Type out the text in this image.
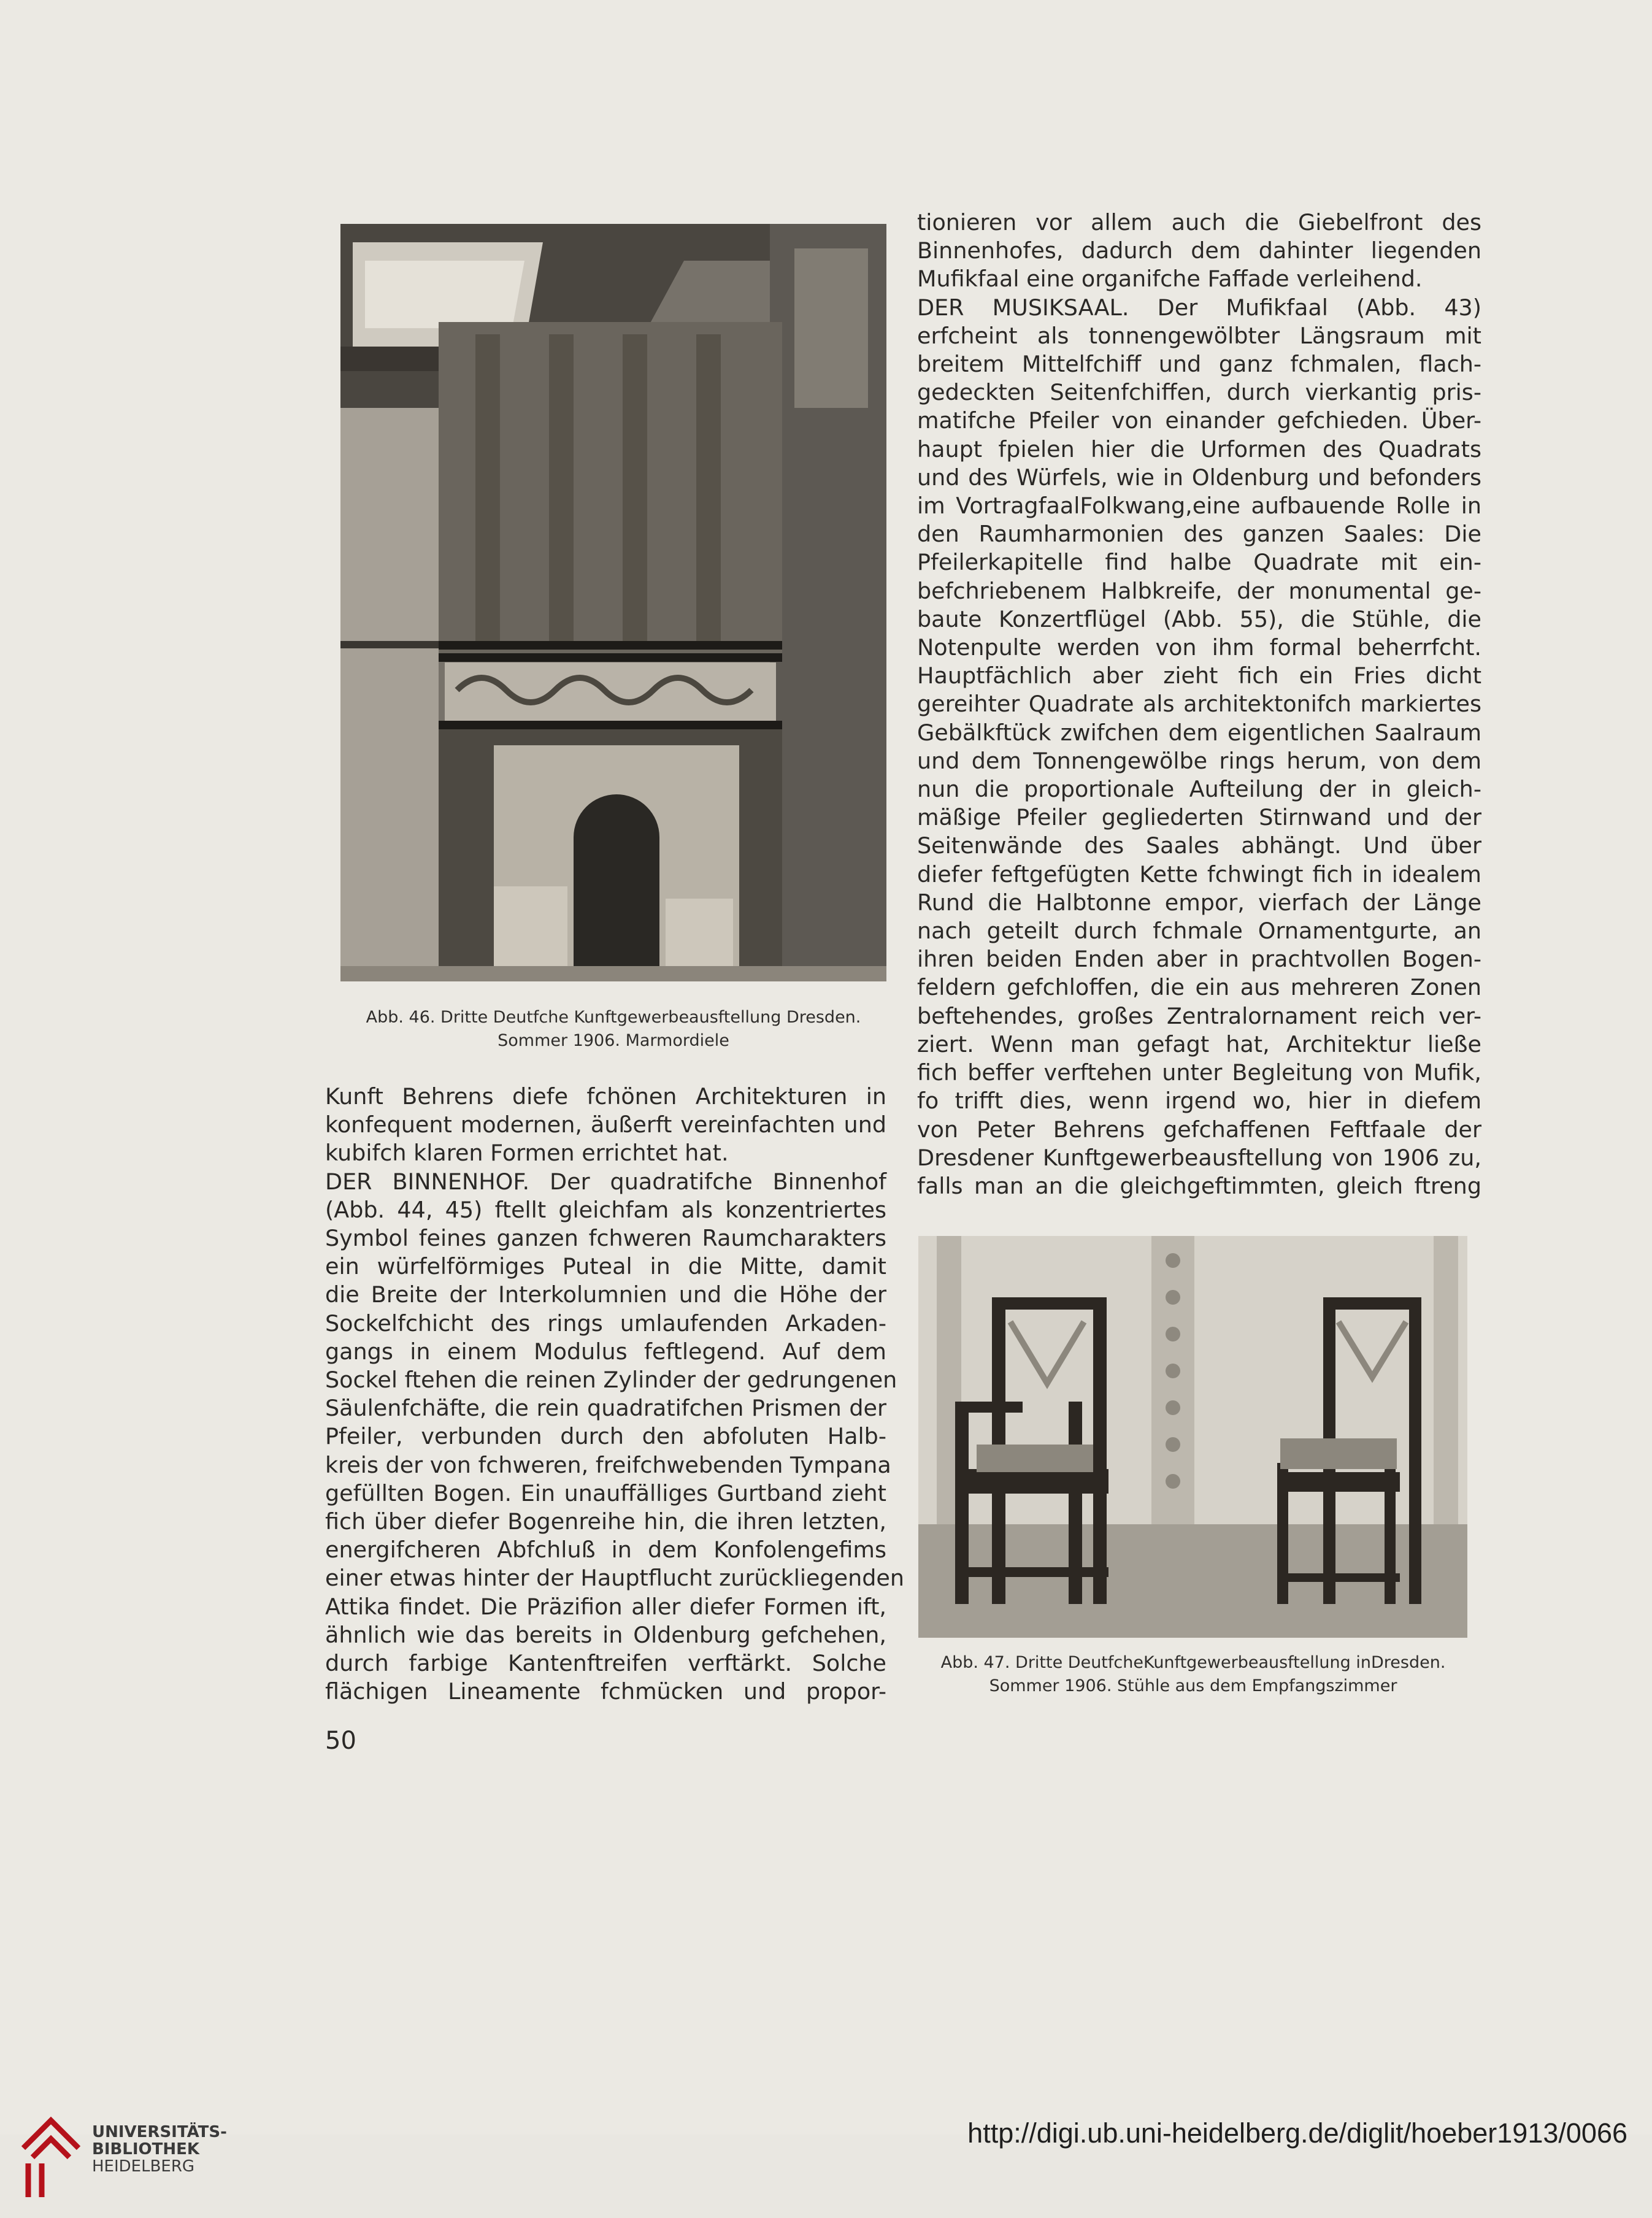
Abb. 46. Dritte Deutfche Kunftgewerbeausftellung Dresden.
Sommer 1906. Marmordiele
tionieren vor allem auch die Giebelfront des
Binnenhofes, dadurch dem dahinter liegenden
Mufikfaal eine organifche Faffade verleihend.
DER MUSIKSAAL. Der Mufikfaal (Abb. 43)
erfcheint als tonnengewölbter Längsraum mit
breitem Mittelfchiff und ganz fchmalen, flach-
gedeckten Seitenfchiffen, durch vierkantig pris-
matifche Pfeiler von einander gefchieden. Über-
haupt fpielen hier die Urformen des Quadrats
und des Würfels, wie in Oldenburg und befonders
im VortragfaalFolkwang,eine aufbauende Rolle in
den Raumharmonien des ganzen Saales: Die
Pfeilerkapitelle find halbe Quadrate mit ein-
befchriebenem Halbkreife, der monumental ge-
baute Konzertflügel (Abb. 55), die Stühle, die
Notenpulte werden von ihm formal beherrfcht.
Hauptfächlich aber zieht fich ein Fries dicht
gereihter Quadrate als architektonifch markiertes
Gebälkftück zwifchen dem eigentlichen Saalraum
und dem Tonnengewölbe rings herum, von dem
nun die proportionale Aufteilung der in gleich-
mäßige Pfeiler gegliederten Stirnwand und der
Seitenwände des Saales abhängt. Und über
diefer feftgefügten Kette fchwingt fich in idealem
Rund die Halbtonne empor, vierfach der Länge
nach geteilt durch fchmale Ornamentgurte, an
ihren beiden Enden aber in prachtvollen Bogen-
feldern gefchloffen, die ein aus mehreren Zonen
beftehendes, großes Zentralornament reich ver-
ziert. Wenn man gefagt hat, Architektur ließe
fich beffer verftehen unter Begleitung von Mufik,
fo trifft dies, wenn irgend wo, hier in diefem
von Peter Behrens gefchaffenen Feftfaale der
Dresdener Kunftgewerbeausftellung von 1906 zu,
falls man an die gleichgeftimmten, gleich ftreng
Kunft Behrens diefe fchönen Architekturen in
konfequent modernen, äußerft vereinfachten und
kubifch klaren Formen errichtet hat.
DER BINNENHOF. Der quadratifche Binnenhof
(Abb. 44, 45) ftellt gleichfam als konzentriertes
Symbol feines ganzen fchweren Raumcharakters
ein würfelförmiges Puteal in die Mitte, damit
die Breite der Interkolumnien und die Höhe der
Sockelfchicht des rings umlaufenden Arkaden-
gangs in einem Modulus feftlegend. Auf dem
Sockel ftehen die reinen Zylinder der gedrungenen
Säulenfchäfte, die rein quadratifchen Prismen der
Pfeiler, verbunden durch den abfoluten Halb-
kreis der von fchweren, freifchwebenden Tympana
gefüllten Bogen. Ein unauffälliges Gurtband zieht
fich über diefer Bogenreihe hin, die ihren letzten,
energifcheren Abfchluß in dem Konfolengefims
einer etwas hinter der Hauptflucht zurückliegenden
Attika findet. Die Präzifion aller diefer Formen ift,
ähnlich wie das bereits in Oldenburg gefchehen,
durch farbige Kantenftreifen verftärkt. Solche
flächigen Lineamente fchmücken und propor-
Abb. 47. Dritte DeutfcheKunftgewerbeausftellung inDresden.
Sommer 1906. Stühle aus dem Empfangszimmer
50
UNIVERSITÄTS-
BIBLIOTHEK
HEIDELBERG
http://digi.ub.uni-heidelberg.de/diglit/hoeber1913/0066
